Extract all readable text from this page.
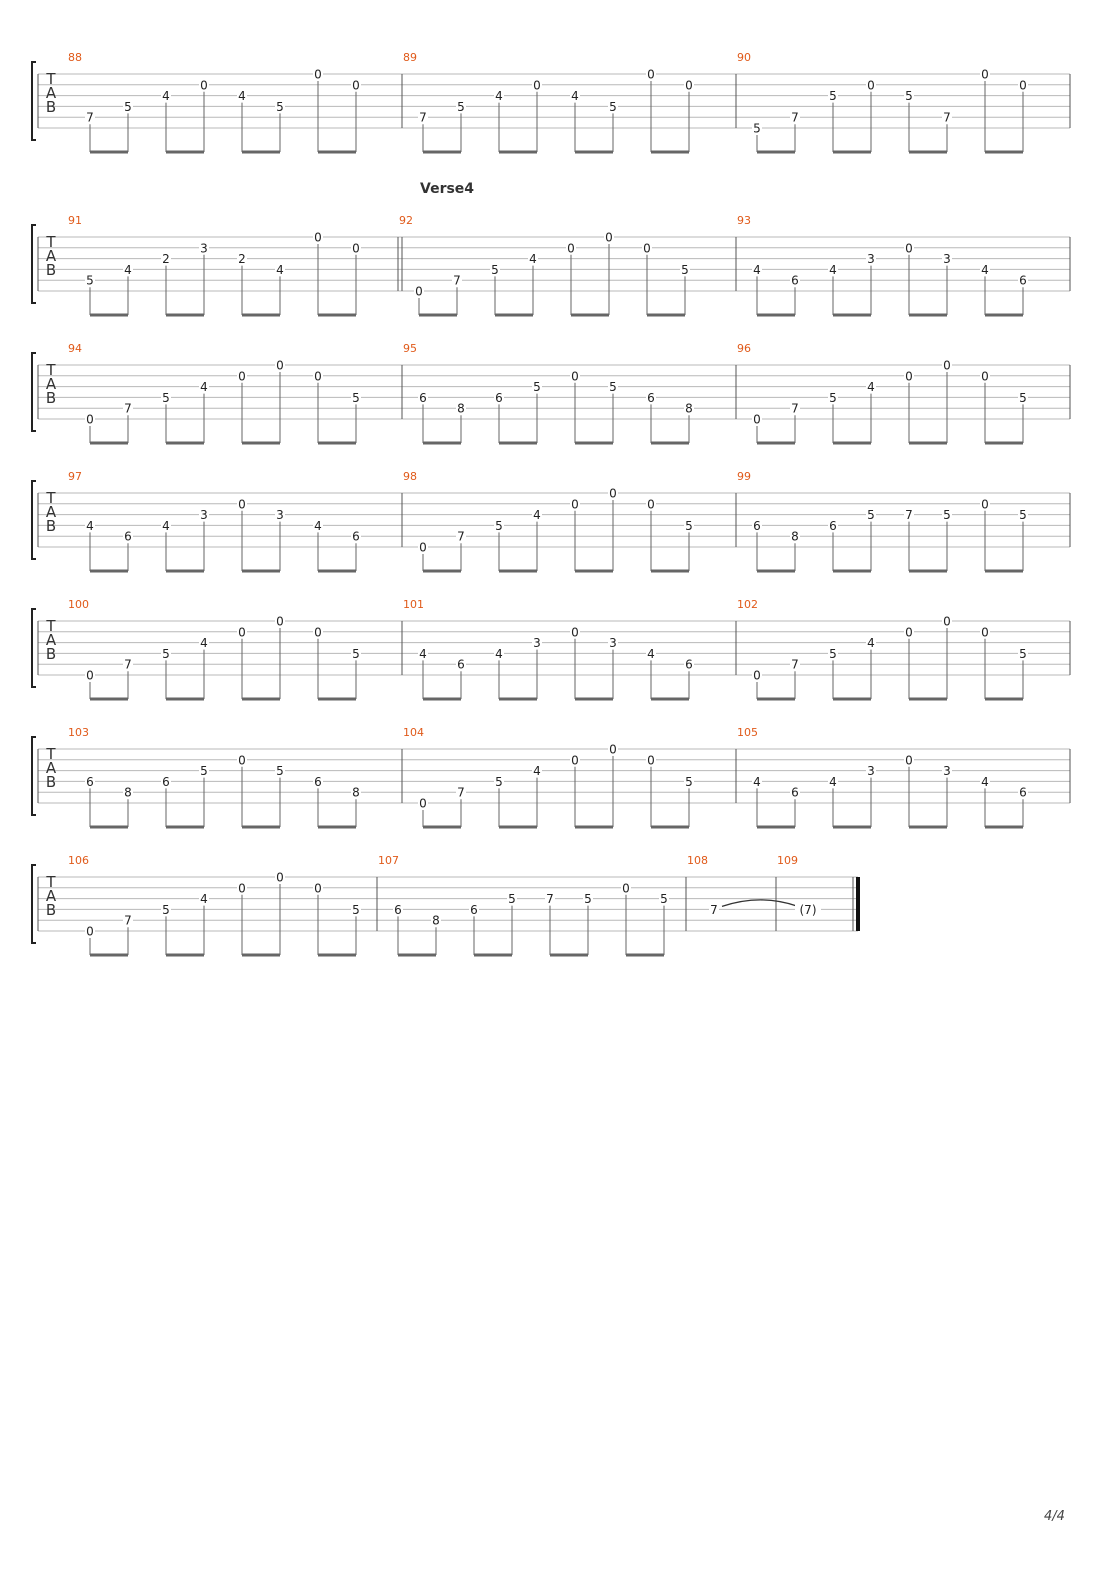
Verse4
T
A
B
88
7
5
4
0
4
5
0
0
89
7
5
4
0
4
5
0
0
90
5
7
5
0
5
7
0
0
T
A
B
91
5
4
2
3
2
4
0
0
92
0
7
5
4
0
0
0
5
93
4
6
4
3
0
3
4
6
T
A
B
94
0
7
5
4
0
0
0
5
95
6
8
6
5
0
5
6
8
96
0
7
5
4
0
0
0
5
T
A
B
97
4
6
4
3
0
3
4
6
98
0
7
5
4
0
0
0
5
99
6
8
6
5	7	5
0
5
T
A
B
100
0
7
5
4
0
0
0
5
101
4
6
4
3
0
3
4
6
102
0
7
5
4
0
0
0
5
T
A
B
103
6
8
6
5
0
5
6
8
104
0
7
5
4
0
0
0
5
105
4
6
4
3
0
3
4
6
T
A
B
106
0
7
5
4
0
0
0
5
107
6
8
6
5	7	5
0
5
108
7
109
(7)
4/4
